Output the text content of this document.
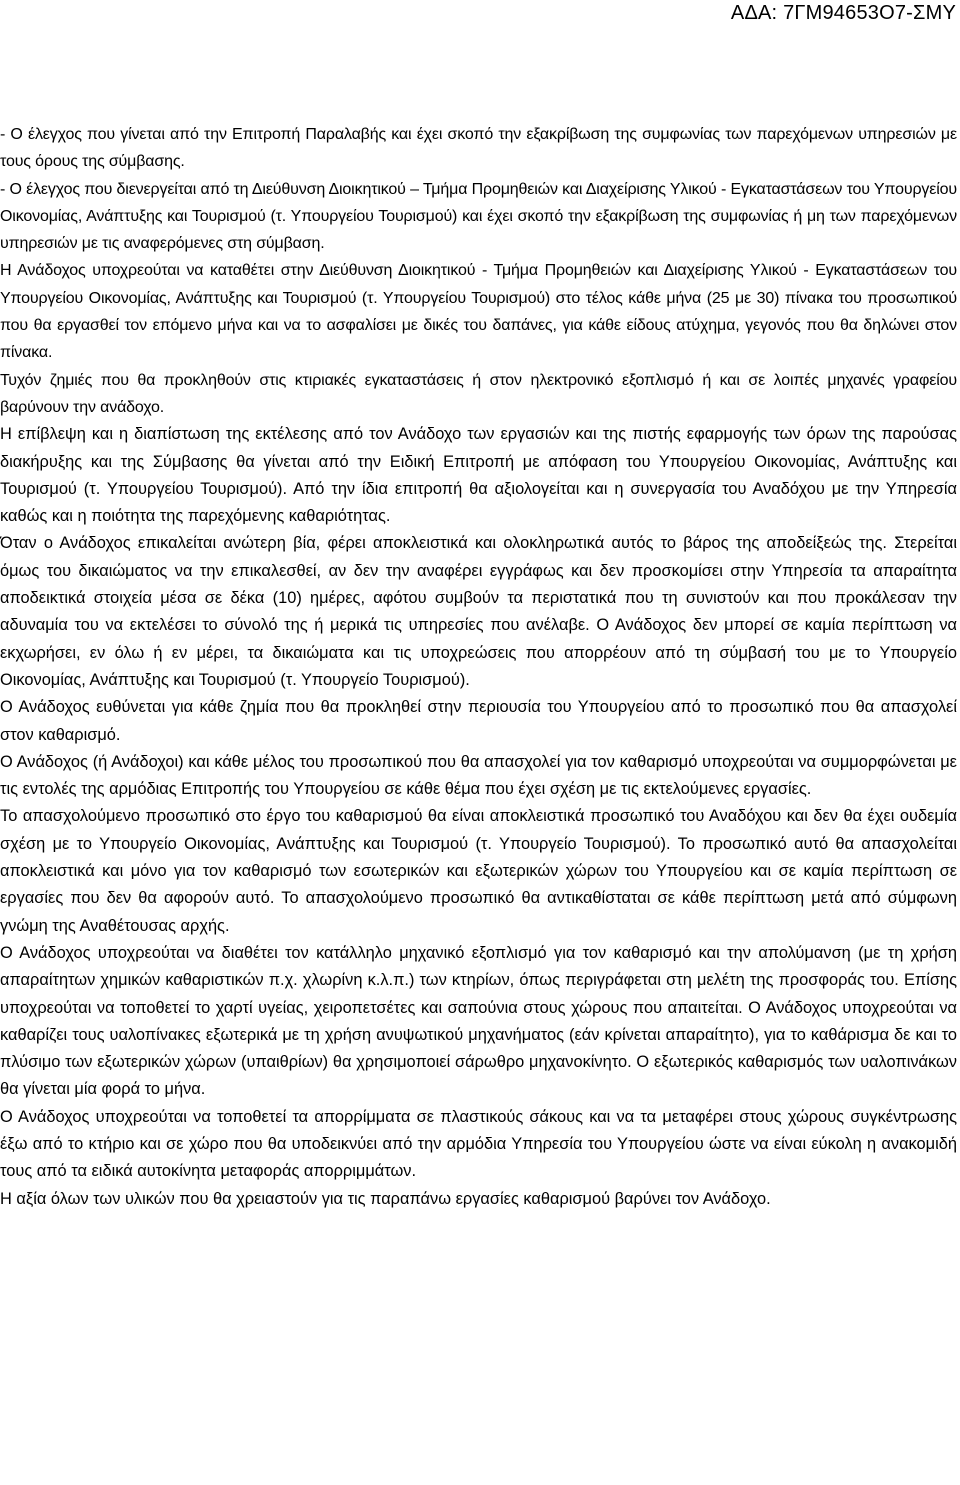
ΑΔΑ: 7ΓΜ94653Ο7-ΣΜΥ

- Ο έλεγχος που γίνεται από την Επιτροπή Παραλαβής και έχει σκοπό την εξακρίβωση της συμφωνίας των παρεχόμενων υπηρεσιών με τους όρους της σύμβασης.

- Ο έλεγχος που διενεργείται από τη Διεύθυνση Διοικητικού – Τμήμα Προμηθειών και Διαχείρισης Υλικού - Εγκαταστάσεων του Υπουργείου Οικονομίας, Ανάπτυξης και Τουρισμού (τ. Υπουργείου Τουρισμού) και έχει σκοπό την εξακρίβωση της συμφωνίας ή μη των παρεχόμενων υπηρεσιών με τις αναφερόμενες στη σύμβαση.

Η Ανάδοχος υποχρεούται να καταθέτει στην Διεύθυνση Διοικητικού - Τμήμα Προμηθειών και Διαχείρισης Υλικού - Εγκαταστάσεων του Υπουργείου Οικονομίας, Ανάπτυξης και Τουρισμού (τ. Υπουργείου Τουρισμού) στο τέλος κάθε μήνα (25 με 30) πίνακα του προσωπικού που θα εργασθεί τον επόμενο μήνα και να το ασφαλίσει με δικές του δαπάνες, για κάθε είδους ατύχημα, γεγονός που θα δηλώνει στον πίνακα.

Τυχόν ζημιές που θα προκληθούν στις κτιριακές εγκαταστάσεις ή στον ηλεκτρονικό εξοπλισμό ή και σε λοιπές μηχανές γραφείου βαρύνουν την ανάδοχο.

Η επίβλεψη και η διαπίστωση της εκτέλεσης από τον Ανάδοχο των εργασιών και της πιστής εφαρμογής των όρων της παρούσας διακήρυξης και της Σύμβασης θα γίνεται από την Ειδική Επιτροπή με απόφαση του Υπουργείου Οικονομίας, Ανάπτυξης και Τουρισμού (τ. Υπουργείου Τουρισμού). Από την ίδια επιτροπή θα αξιολογείται και η συνεργασία του Αναδόχου με την Υπηρεσία καθώς και η ποιότητα της παρεχόμενης καθαριότητας.

Όταν ο Ανάδοχος επικαλείται ανώτερη βία, φέρει αποκλειστικά και ολοκληρωτικά αυτός το βάρος της αποδείξεώς της. Στερείται όμως του δικαιώματος να την επικαλεσθεί, αν δεν την αναφέρει εγγράφως και δεν προσκομίσει στην Υπηρεσία τα απαραίτητα αποδεικτικά στοιχεία μέσα σε δέκα (10) ημέρες, αφότου συμβούν τα περιστατικά που τη συνιστούν και που προκάλεσαν την αδυναμία του να εκτελέσει το σύνολό της ή μερικά τις υπηρεσίες που ανέλαβε. Ο Ανάδοχος δεν μπορεί σε καμία περίπτωση να εκχωρήσει, εν όλω ή εν μέρει, τα δικαιώματα και τις υποχρεώσεις που απορρέουν από τη σύμβασή του με το Υπουργείο Οικονομίας, Ανάπτυξης και Τουρισμού (τ. Υπουργείο Τουρισμού).

Ο Ανάδοχος ευθύνεται για κάθε ζημία που θα προκληθεί στην περιουσία του Υπουργείου από το προσωπικό που θα απασχολεί στον καθαρισμό.

Ο Ανάδοχος (ή Ανάδοχοι) και κάθε μέλος του προσωπικού που θα απασχολεί για τον καθαρισμό υποχρεούται να συμμορφώνεται με τις εντολές της αρμόδιας Επιτροπής του Υπουργείου σε κάθε θέμα που έχει σχέση με τις εκτελούμενες εργασίες.

Το απασχολούμενο προσωπικό στο έργο του καθαρισμού θα είναι αποκλειστικά προσωπικό του Αναδόχου και δεν θα έχει ουδεμία σχέση με το Υπουργείο Οικονομίας, Ανάπτυξης και Τουρισμού (τ. Υπουργείο Τουρισμού). Το προσωπικό αυτό θα απασχολείται αποκλειστικά και μόνο για τον καθαρισμό των εσωτερικών και εξωτερικών χώρων του Υπουργείου και σε καμία περίπτωση σε εργασίες που δεν θα αφορούν αυτό. Το απασχολούμενο προσωπικό θα αντικαθίσταται σε κάθε περίπτωση μετά από σύμφωνη γνώμη της Αναθέτουσας αρχής.

Ο Ανάδοχος υποχρεούται να διαθέτει τον κατάλληλο μηχανικό εξοπλισμό για τον καθαρισμό και την απολύμανση (με τη χρήση απαραίτητων χημικών καθαριστικών π.χ. χλωρίνη κ.λ.π.) των κτηρίων, όπως περιγράφεται στη μελέτη της προσφοράς του. Επίσης υποχρεούται να τοποθετεί το χαρτί υγείας, χειροπετσέτες και σαπούνια στους χώρους που απαιτείται. Ο Ανάδοχος υποχρεούται να καθαρίζει τους υαλοπίνακες εξωτερικά με τη χρήση ανυψωτικού μηχανήματος (εάν κρίνεται απαραίτητο), για το καθάρισμα δε και το πλύσιμο των εξωτερικών χώρων (υπαιθρίων) θα χρησιμοποιεί σάρωθρο μηχανοκίνητο. Ο εξωτερικός καθαρισμός των υαλοπινάκων θα γίνεται μία φορά το μήνα.

Ο Ανάδοχος υποχρεούται να τοποθετεί τα απορρίμματα σε πλαστικούς σάκους και να τα μεταφέρει στους χώρους συγκέντρωσης έξω από το κτήριο και σε χώρο που θα υποδεικνύει από την αρμόδια Υπηρεσία του Υπουργείου ώστε να είναι εύκολη η ανακομιδή τους από τα ειδικά αυτοκίνητα μεταφοράς απορριμμάτων.

Η αξία όλων των υλικών που θα χρειαστούν για τις παραπάνω εργασίες καθαρισμού βαρύνει τον Ανάδοχο.
